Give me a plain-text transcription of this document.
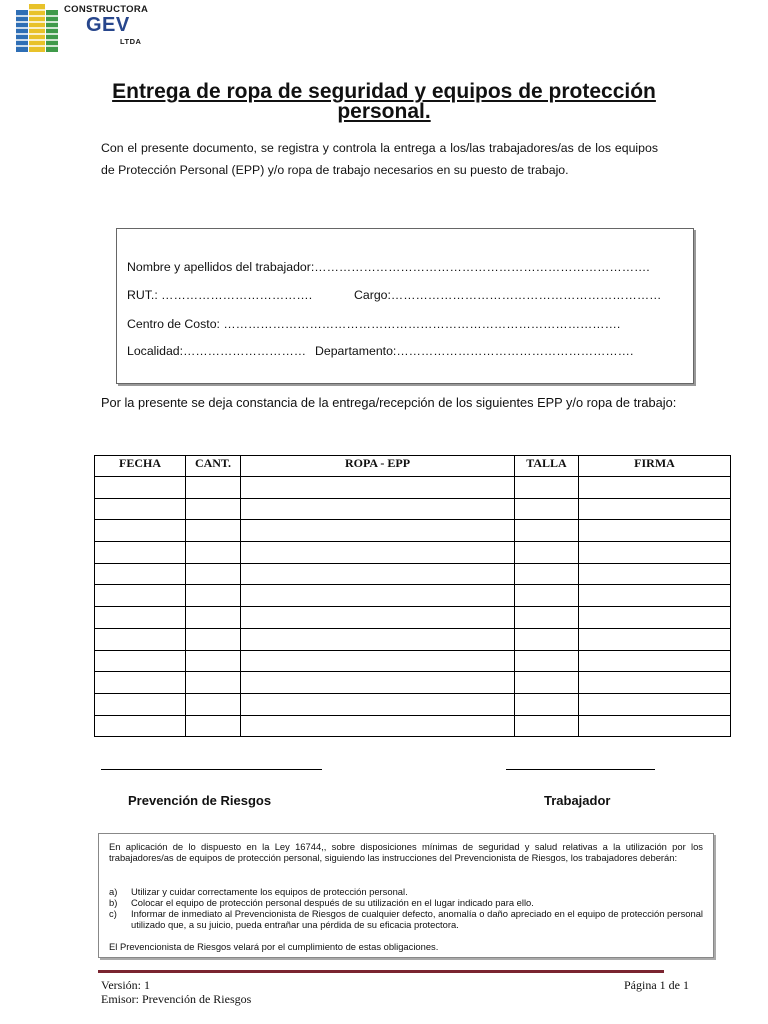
CONSTRUCTORA
GEV
LTDA
Entrega de ropa de seguridad y equipos de protección personal.
Con el presente documento, se registra y controla la entrega a los/las trabajadores/as de los equipos de Protección Personal (EPP) y/o ropa de trabajo necesarios en su puesto de trabajo.
Nombre y apellidos del trabajador:……………………………………………………………………….
RUT.: ……………………………….	Cargo:…………………………………………………………
Centro de Costo: …………………………………………………………………………………….
Localidad:………………………… Departamento:………………………………………………….
Por la presente se deja constancia de la entrega/recepción de los siguientes EPP y/o ropa de trabajo:
FECHA	CANT.	ROPA - EPP	TALLA	FIRMA

Prevención de Riesgos	Trabajador
En aplicación de lo dispuesto en la Ley 16744,, sobre disposiciones mínimas de seguridad y salud relativas a la utilización por los trabajadores/as de equipos de protección personal, siguiendo las instrucciones del Prevencionista de Riesgos, los trabajadores deberán:
a) Utilizar y cuidar correctamente los equipos de protección personal.
b) Colocar el equipo de protección personal después de su utilización en el lugar indicado para ello.
c) Informar de inmediato al Prevencionista de Riesgos de cualquier defecto, anomalía o daño apreciado en el equipo de protección personal utilizado que, a su juicio, pueda entrañar una pérdida de su eficacia protectora.
El Prevencionista de Riesgos velará por el cumplimiento de estas obligaciones.
Versión: 1
Emisor: Prevención de Riesgos
Página 1 de 1
